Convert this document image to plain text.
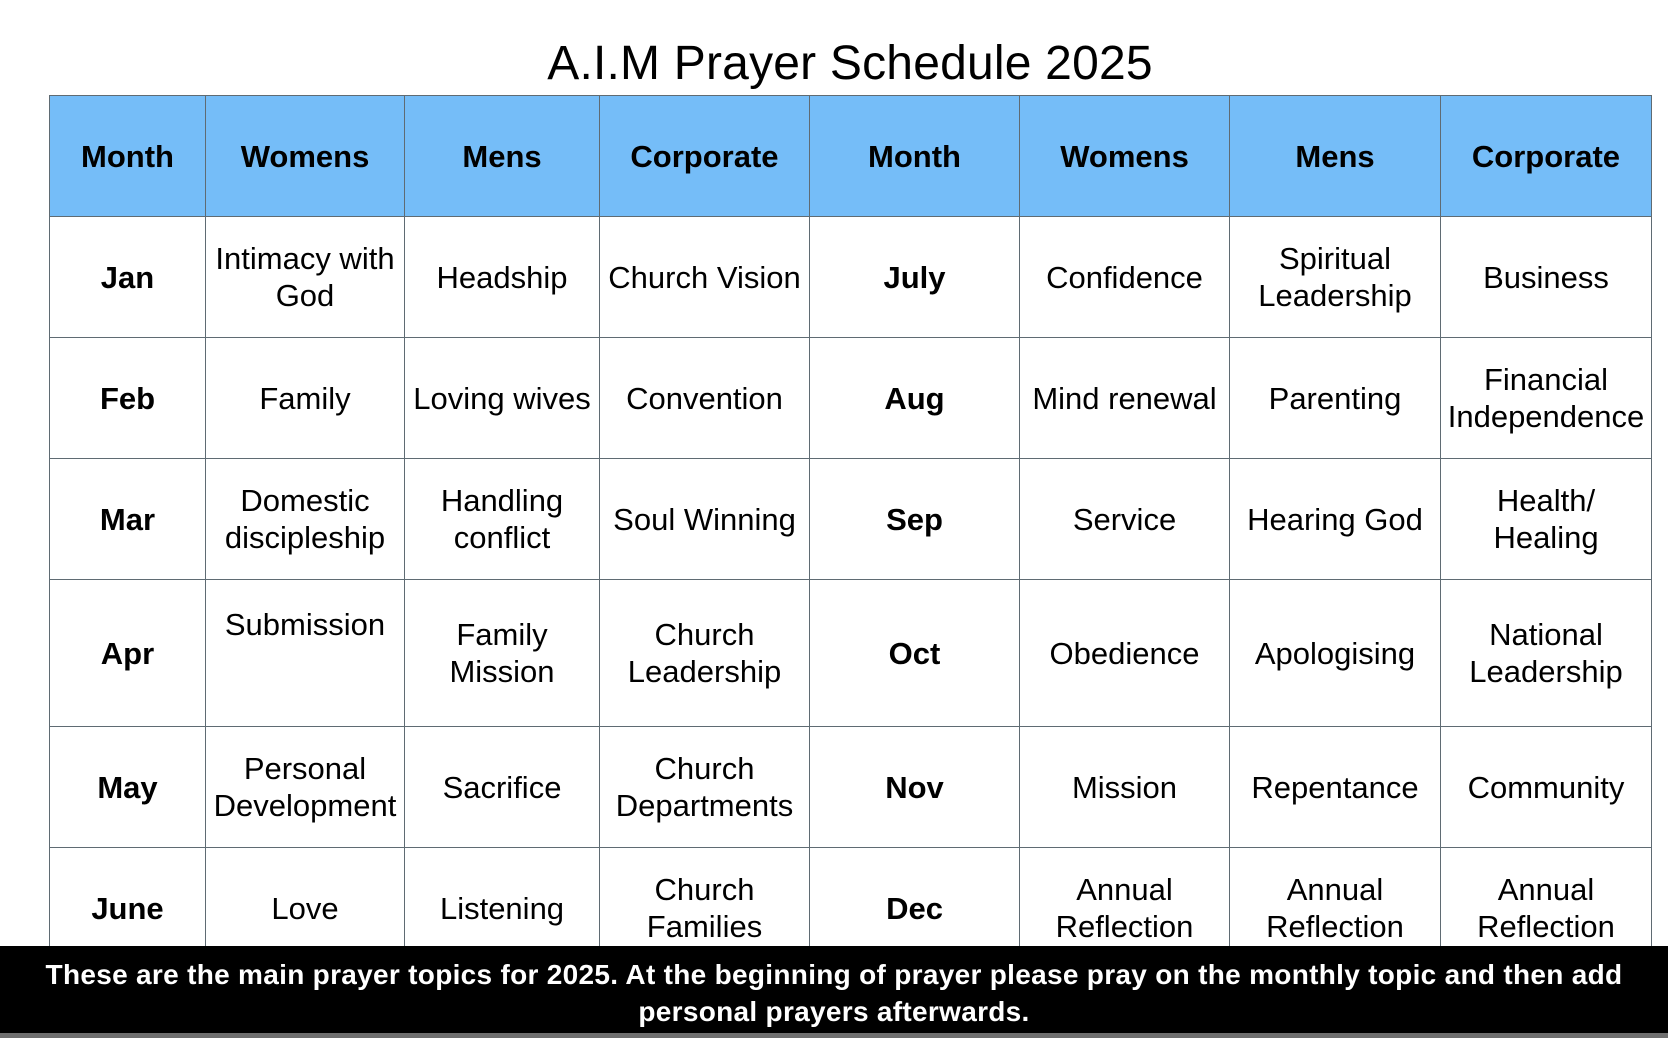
A.I.M Prayer Schedule 2025
Month	Womens	Mens	Corporate	Month	Womens	Mens	Corporate
Jan	Intimacy with God	Headship	Church Vision	July	Confidence	Spiritual Leadership	Business
Feb	Family	Loving wives	Convention	Aug	Mind renewal	Parenting	Financial Independence
Mar	Domestic discipleship	Handling conflict	Soul Winning	Sep	Service	Hearing God	Health/ Healing
Apr	Submission	Family Mission	Church Leadership	Oct	Obedience	Apologising	National Leadership
May	Personal Development	Sacrifice	Church Departments	Nov	Mission	Repentance	Community
June	Love	Listening	Church Families	Dec	Annual Reflection	Annual Reflection	Annual Reflection
These are the main prayer topics for 2025. At the beginning of prayer please pray on the monthly topic and then add personal prayers afterwards.
